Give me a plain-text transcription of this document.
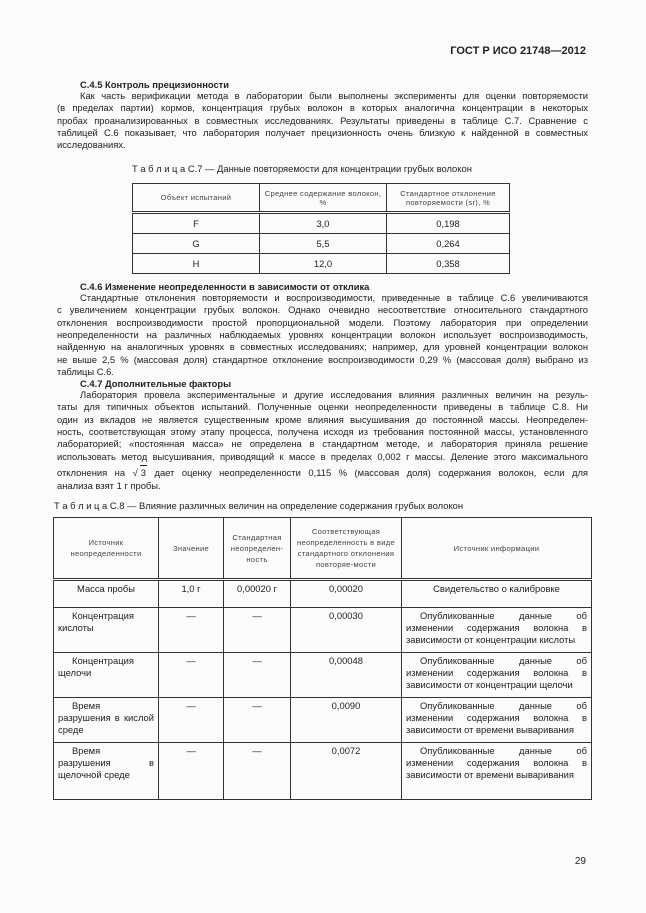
ГОСТ Р ИСО 21748—2012
C.4.5 Контроль прецизионности
Как часть верификации метода в лаборатории были выполнены эксперименты для оценки повторяемости
(в пределах партии) кормов, концентрация грубых волокон в которых аналогична концентрации в некоторых
пробах проанализированных в совместных исследованиях. Результаты приведены в таблице С.7. Сравнение с
таблицей С.6 показывает, что лаборатория получает прецизионность очень близкую к найденной в совместных
исследованиях.
Т а б л и ц а С.7 — Данные повторяемости для концентрации грубых волокон
Объект испытаний	Среднее содержание волокон, %	Стандартное отклонение повторяемости (sr), %
F	3,0	0,198
G	5,5	0,264
H	12,0	0,358
C.4.6 Изменение неопределенности в зависимости от отклика
Стандартные отклонения повторяемости и воспроизводимости, приведенные в таблице С.6 увеличиваются
с увеличением концентрации грубых волокон. Однако очевидно несоответствие относительного стандартного
отклонения воспроизводимости простой пропорциональной модели. Поэтому лаборатория при определении
неопределенности на различных наблюдаемых уровнях концентрации волокон использует воспроизводимость,
найденную на аналогичных уровнях в совместных исследованиях; например, для уровней концентрации волокон
не выше 2,5 % (массовая доля) стандартное отклонение воспроизводимости 0,29 % (массовая доля) выбрано из
таблицы С.6.
C.4.7 Дополнительные факторы
Лаборатория провела экспериментальные и другие исследования влияния различных величин на резуль-
таты для типичных объектов испытаний. Полученные оценки неопределенности приведены в таблице С.8. Ни
один из вкладов не является существенным кроме влияния высушивания до постоянной массы. Неопределен-
ность, соответствующая этому этапу процесса, получена исходя из требования постоянной массы, установленного
лабораторией; «постоянная масса» не определена в стандартном методе, и лаборатория приняла решение
использовать метод высушивания, приводящий к массе в пределах 0,002 г массы. Деление этого максимального
отклонения на √ 3 дает оценку неопределенности 0,115 % (массовая доля) содержания волокон, если для
анализа взят 1 г пробы.
Т а б л и ц а С.8 — Влияние различных величин на определение содержания грубых волокон
Источник неопределенности	Значение	Стандартная неопределен-ность	Соответствующая неопределенность в виде стандартного отклонения повторяе-мости	Источник информации
Масса пробы	1,0 г	0,00020 г	0,00020	Свидетельство о калибровке
Концентрация кислоты	—	—	0,00030	Опубликованные данные об изменении содержания волокна в зависимости от концентрации кислоты
Концентрация щелочи	—	—	0,00048	Опубликованные данные об изменении содержания волокна в зависимости от концентрации щелочи
Время разрушения в кислой среде	—	—	0,0090	Опубликованные данные об изменении содержания волокна в зависимости от времени вываривания
Время разрушения в щелочной среде	—	—	0,0072	Опубликованные данные об изменении содержания волокна в зависимости от времени вываривания
29
